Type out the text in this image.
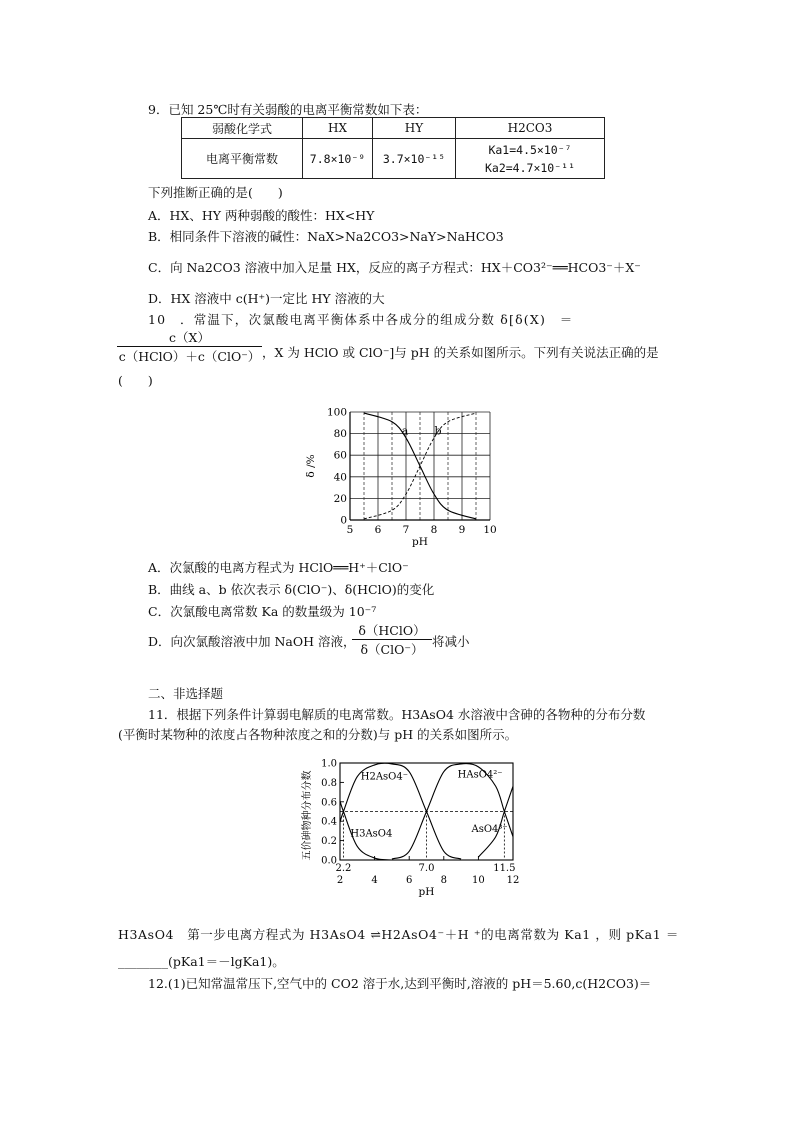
9．已知 25℃时有关弱酸的电离平衡常数如下表：
弱酸化学式	HX	HY	H2CO3
电离平衡常数	7.8×10⁻⁹	3.7×10⁻¹⁵	Ka1=4.5×10⁻⁷
Ka2=4.7×10⁻¹¹
下列推断正确的是(　　)
A．HX、HY 两种弱酸的酸性：HX<HY
B．相同条件下溶液的碱性：NaX>Na2CO3>NaY>NaHCO3
C．向 Na2CO3 溶液中加入足量 HX，反应的离子方程式：HX＋CO3²⁻══HCO3⁻＋X⁻
D．HX 溶液中 c(H⁺)一定比 HY 溶液的大
10　．常温下，次氯酸电离平衡体系中各成分的组成分数 δ[δ(X)　＝
c（X）
c（HClO）＋c（ClO⁻） ，X 为 HClO 或 ClO⁻]与 pH 的关系如图所示。下列有关说法正确的是
(　　)
0
20
40
60
80
100
5 6 7 8 9 10
a b
pH
δ /%
A．次氯酸的电离方程式为 HClO══H⁺＋ClO⁻
B．曲线 a、b 依次表示 δ(ClO⁻)、δ(HClO)的变化
C．次氯酸电离常数 Ka 的数量级为 10⁻⁷
D．向次氯酸溶液中加 NaOH 溶液，
δ（HClO）
δ（ClO⁻）
将减小
二、非选择题
11．根据下列条件计算弱电解质的电离常数。H3AsO4 水溶液中含砷的各物种的分布分数
(平衡时某物种的浓度占各物种浓度之和的分数)与 pH 的关系如图所示。
0.0
0.2
0.4
0.6
0.8
1.0
2	4	6	8	10 12
2.2	7.0	11.5
H2AsO4⁻	HAsO4²⁻
H3AsO4	AsO4³⁻
pH
五价砷物种分布分数
H3AsO4　第一步电离方程式为 H3AsO4 ⇌H2AsO4⁻＋H ⁺的电离常数为 Ka1 ，则 pKa1 ＝
________(pKa1＝－lgKa1)。
12.(1)已知常温常压下,空气中的 CO2 溶于水,达到平衡时,溶液的 pH＝5.60,c(H2CO3)＝
